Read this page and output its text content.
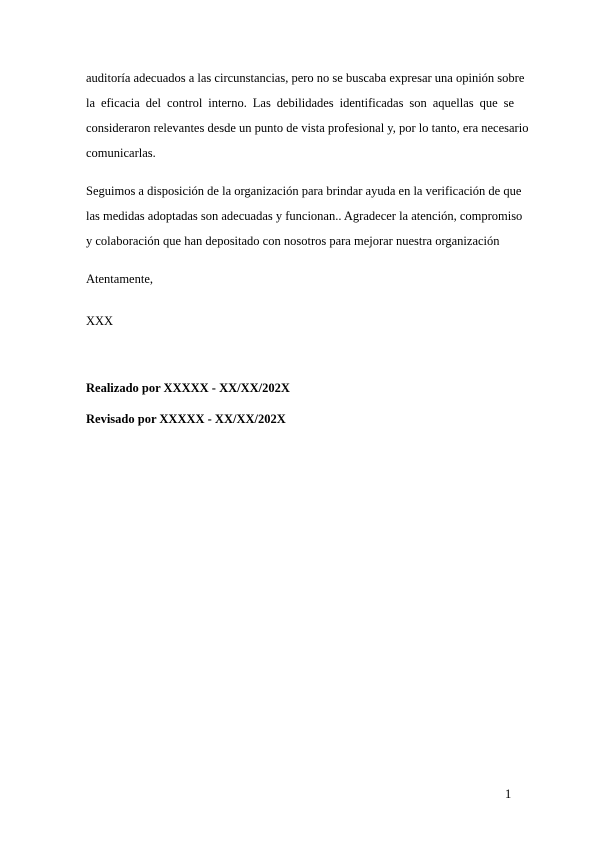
auditoría adecuados a las circunstancias, pero no se buscaba expresar una opinión sobre
la eficacia del control interno. Las debilidades identificadas son aquellas que se
consideraron relevantes desde un punto de vista profesional y, por lo tanto, era necesario
comunicarlas.
Seguimos a disposición de la organización para brindar ayuda en la verificación de que
las medidas adoptadas son adecuadas y funcionan.. Agradecer la atención, compromiso
y colaboración que han depositado con nosotros para mejorar nuestra organización
Atentamente,
XXX
Realizado por XXXXX - XX/XX/202X
Revisado por XXXXX - XX/XX/202X
1
